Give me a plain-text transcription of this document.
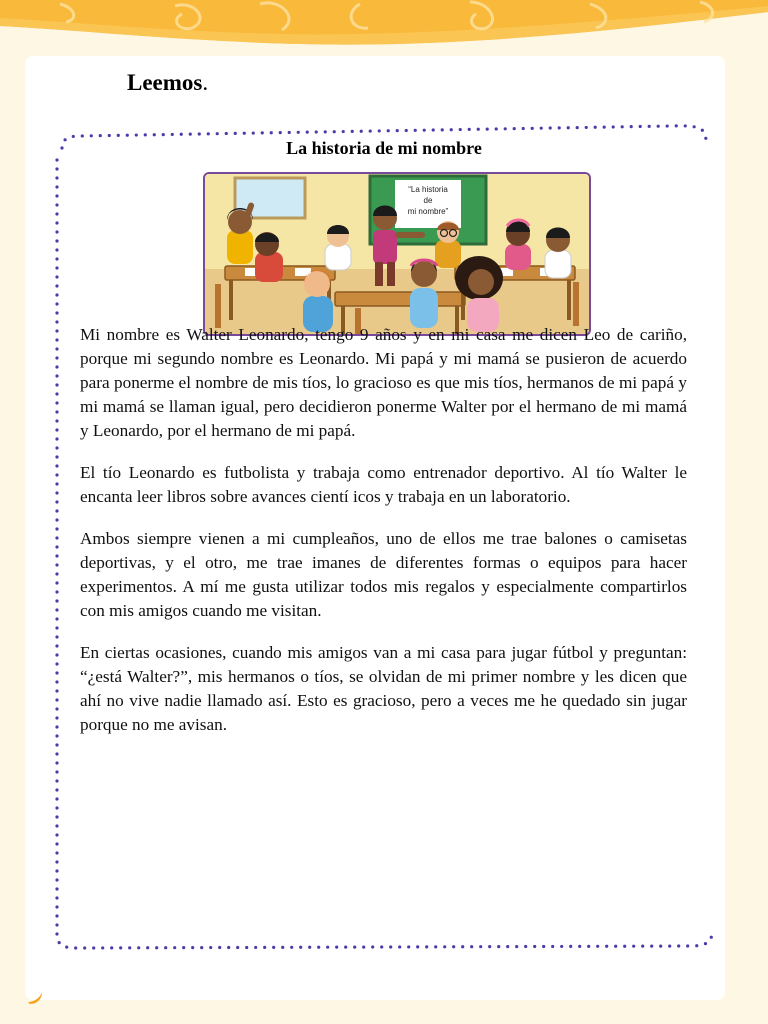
Leemos.
La historia de mi nombre
“La historia
de
mi nombre”

Mi nombre es Walter Leonardo, tengo 9 años y en mi casa me dicen Leo de cariño, porque mi segundo nombre es Leonardo. Mi papá y mi mamá se pusieron de acuerdo para ponerme el nombre de mis tíos, lo gracioso es que mis tíos, hermanos de mi papá y mi mamá se llaman igual, pero decidieron ponerme Walter por el hermano de mi mamá y Leonardo, por el hermano de mi papá.

El tío Leonardo es futbolista y trabaja como entrenador deportivo. Al tío Walter le encanta leer libros sobre avances cientí icos y trabaja en un laboratorio.

Ambos siempre vienen a mi cumpleaños, uno de ellos me trae balones o camisetas deportivas, y el otro, me trae imanes de diferentes formas o equipos para hacer experimentos. A mí me gusta utilizar todos mis regalos y especialmente compartirlos con mis amigos cuando me visitan.

En ciertas ocasiones, cuando mis amigos van a mi casa para jugar fútbol y preguntan: “¿está Walter?”, mis hermanos o tíos, se olvidan de mi primer nombre y les dicen que ahí no vive nadie llamado así. Esto es gracioso, pero a veces me he quedado sin jugar porque no me avisan.
